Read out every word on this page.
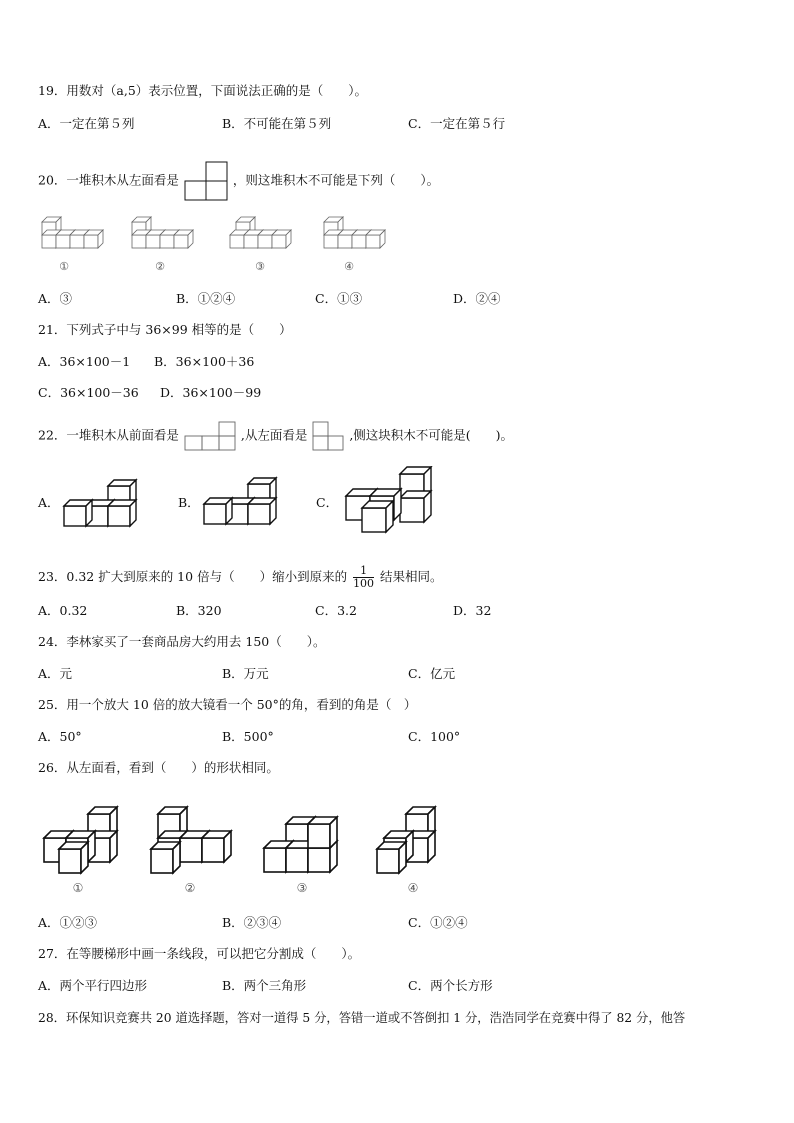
19．用数对（a,5）表示位置，下面说法正确的是（　　）。
A．一定在第５列	B．不可能在第５列	C．一定在第５行
20．一堆积木从左面看是	，则这堆积木不可能是下列（　　）。
①	②	③	④
A．③	B．①②④	C．①③	D．②④
21．下列式子中与 36×99 相等的是（　　）
A．36×100－1 B．36×100＋36
C．36×100－36 D．36×100－99
22．一堆积木从前面看是	,从左面看是	,侧这块积木不可能是(　　)。
A．	B．	C．
23．0.32 扩大到原来的 10 倍与（　　）缩小到原来的 $\frac{1}{100}$ 结果相同。
A．0.32	B．320	C．3.2	D．32
24．李林家买了一套商品房大约用去 150（　　）。
A．元	B．万元	C．亿元
25．用一个放大 10 倍的放大镜看一个 50°的角，看到的角是（　）
A．50°	B．500°	C．100°
26．从左面看，看到（　　）的形状相同。
①	②	③	④
A．①②③	B．②③④	C．①②④
27．在等腰梯形中画一条线段，可以把它分割成（　　）。
A．两个平行四边形	B．两个三角形	C．两个长方形
28．环保知识竞赛共 20 道选择题，答对一道得 5 分，答错一道或不答倒扣 1 分，浩浩同学在竞赛中得了 82 分，他答
